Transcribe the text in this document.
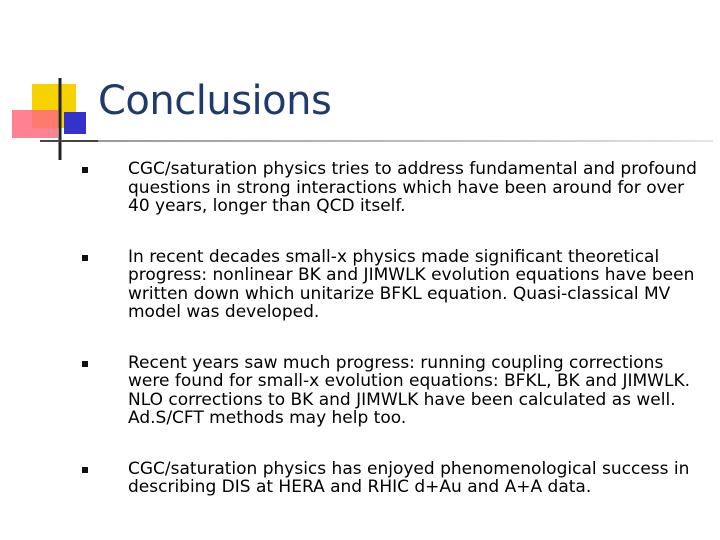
Conclusions
CGC/saturation physics tries to address fundamental and profound questions in strong interactions which have been around for over 40 years, longer than QCD itself.
In recent decades small-x physics made significant theoretical progress: nonlinear BK and JIMWLK evolution equations have been written down which unitarize BFKL equation. Quasi-classical MV model was developed.
Recent years saw much progress: running coupling corrections were found for small-x evolution equations: BFKL, BK and JIMWLK. NLO corrections to BK and JIMWLK have been calculated as well. Ad.S/CFT methods may help too.
CGC/saturation physics has enjoyed phenomenological success in describing DIS at HERA and RHIC d+Au and A+A data.
